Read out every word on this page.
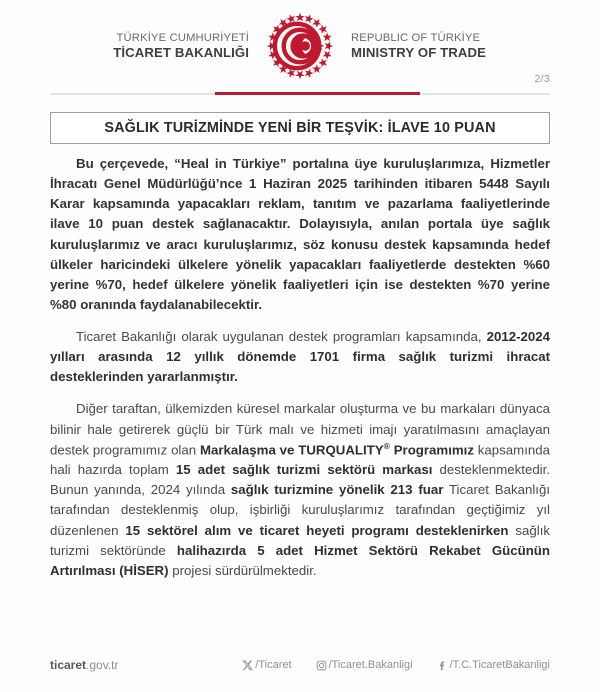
TÜRKİYE CUMHURİYETİ
TİCARET BAKANLIĞI
REPUBLIC OF TÜRKİYE
MINISTRY OF TRADE
2/3
SAĞLIK TURİZMİNDE YENİ BİR TEŞVİK: İLAVE 10 PUAN

Bu çerçevede, “Heal in Türkiye” portalına üye kuruluşlarımıza, Hizmetler İhracatı Genel Müdürlüğü’nce 1 Haziran 2025 tarihinden itibaren 5448 Sayılı Karar kapsamında yapacakları reklam, tanıtım ve pazarlama faaliyetlerinde ilave 10 puan destek sağlanacaktır. Dolayısıyla, anılan portala üye sağlık kuruluşlarımız ve aracı kuruluşlarımız, söz konusu destek kapsamında hedef ülkeler haricindeki ülkelere yönelik yapacakları faaliyetlerde destekten %60 yerine %70, hedef ülkelere yönelik faaliyetleri için ise destekten %70 yerine %80 oranında faydalanabilecektir.

Ticaret Bakanlığı olarak uygulanan destek programları kapsamında, 2012-2024 yılları arasında 12 yıllık dönemde 1701 firma sağlık turizmi ihracat desteklerinden yararlanmıştır.

Diğer taraftan, ülkemizden küresel markalar oluşturma ve bu markaları dünyaca bilinir hale getirerek güçlü bir Türk malı ve hizmeti imajı yaratılmasını amaçlayan destek programımız olan Markalaşma ve TURQUALITY® Programımız kapsamında hali hazırda toplam 15 adet sağlık turizmi sektörü markası desteklenmektedir. Bunun yanında, 2024 yılında sağlık turizmine yönelik 213 fuar Ticaret Bakanlığı tarafından desteklenmiş olup, işbirliği kuruluşlarımız tarafından geçtiğimiz yıl düzenlenen 15 sektörel alım ve ticaret heyeti programı desteklenirken sağlık turizmi sektöründe halihazırda 5 adet Hizmet Sektörü Rekabet Gücünün Artırılması (HİSER) projesi sürdürülmektedir.

ticaret.gov.tr	/Ticaret	/Ticaret.Bakanligi	/T.C.TicaretBakanligi
